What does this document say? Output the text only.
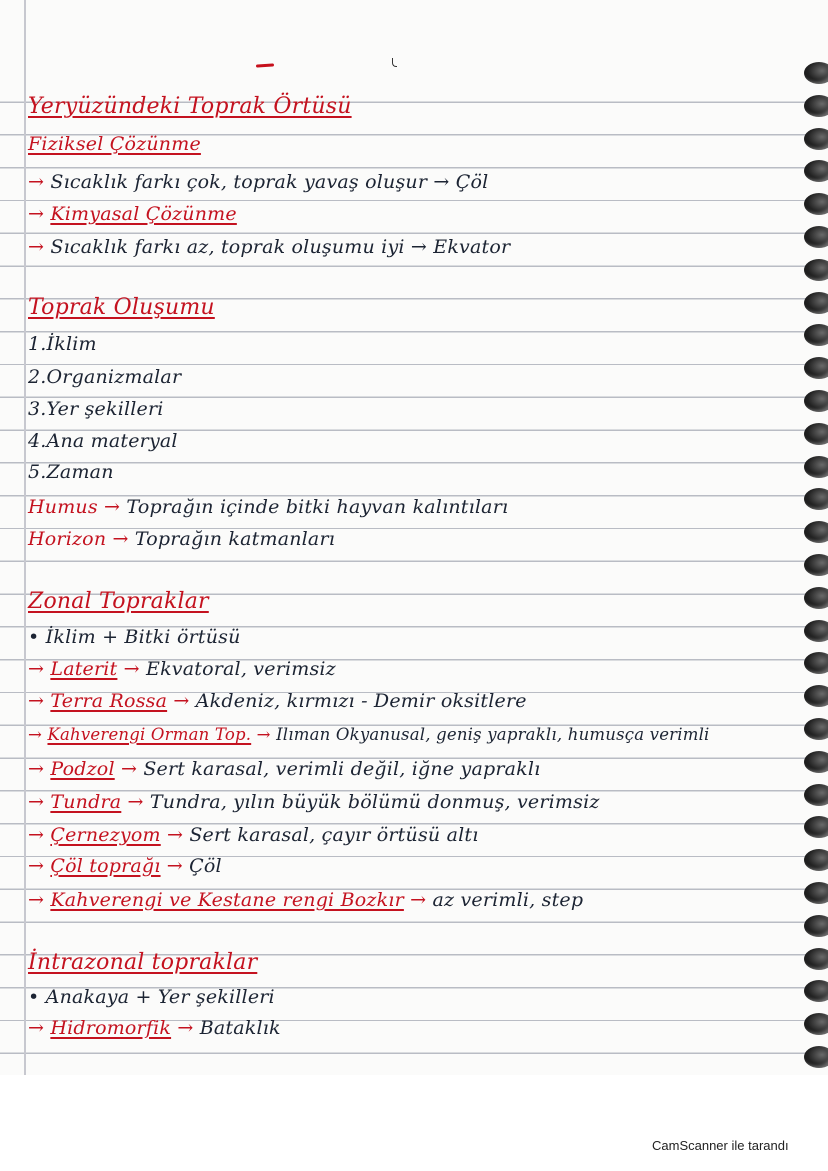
Yeryüzündeki Toprak Örtüsü
Fiziksel Çözünme
→ Sıcaklık farkı çok, toprak yavaş oluşur → Çöl
→ Kimyasal Çözünme
→ Sıcaklık farkı az, toprak oluşumu iyi → Ekvator
Toprak Oluşumu
1.İklim
2.Organizmalar
3.Yer şekilleri
4.Ana materyal
5.Zaman
Humus → Toprağın içinde bitki hayvan kalıntıları
Horizon → Toprağın katmanları
Zonal Topraklar
• İklim + Bitki örtüsü
→ Laterit → Ekvatoral, verimsiz
→ Terra Rossa → Akdeniz, kırmızı - Demir oksitlere
→ Kahverengi Orman Top. → Ilıman Okyanusal, geniş yapraklı, humusça verimli
→ Podzol → Sert karasal, verimli değil, iğne yapraklı
→ Tundra → Tundra, yılın büyük bölümü donmuş, verimsiz
→ Çernezyom → Sert karasal, çayır örtüsü altı
→ Çöl toprağı → Çöl
→ Kahverengi ve Kestane rengi Bozkır → az verimli, step
İntrazonal topraklar
• Anakaya + Yer şekilleri
→ Hidromorfik → Bataklık
CamScanner ile tarandı
